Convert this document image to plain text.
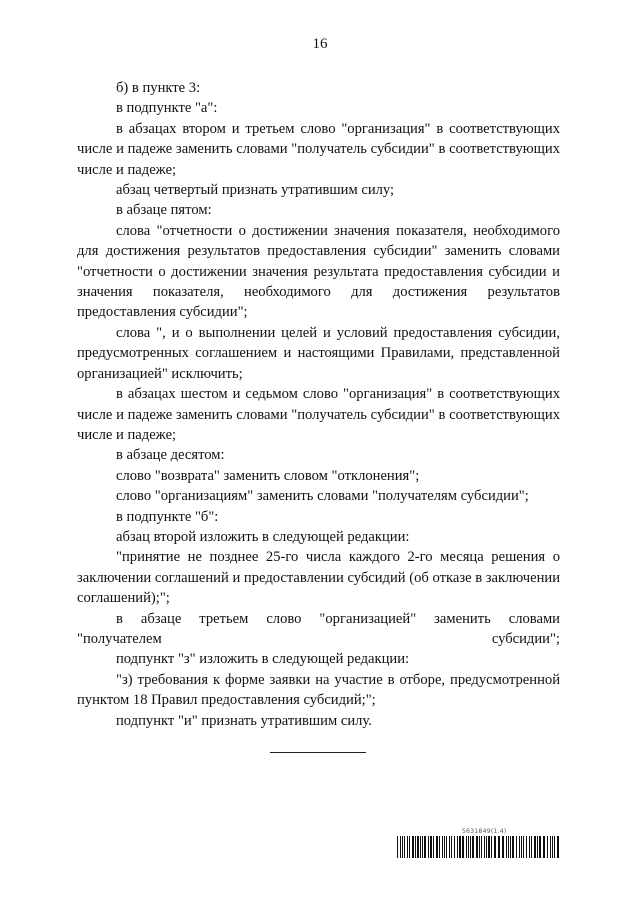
16

б) в пункте 3:

в подпункте "а":

в абзацах втором и третьем слово "организация" в соответствующих числе и падеже заменить словами "получатель субсидии" в соответствующих числе и падеже;

абзац четвертый признать утратившим силу;

в абзаце пятом:

слова "отчетности о достижении значения показателя, необходимого для достижения результатов предоставления субсидии" заменить словами "отчетности о достижении значения результата предоставления субсидии и значения показателя, необходимого для достижения результатов предоставления субсидии";

слова ", и о выполнении целей и условий предоставления субсидии, предусмотренных соглашением и настоящими Правилами, представленной организацией" исключить;

в абзацах шестом и седьмом слово "организация" в соответствующих числе и падеже заменить словами "получатель субсидии" в соответствующих числе и падеже;

в абзаце десятом:

слово "возврата" заменить словом "отклонения";

слово "организациям" заменить словами "получателям субсидии";

в подпункте "б":

абзац второй изложить в следующей редакции:

"принятие не позднее 25-го числа каждого 2-го месяца решения о заключении соглашений и предоставлении субсидий (об отказе в заключении соглашений);";

в абзаце третьем слово "организацией" заменить словами "получателем субсидии";

подпункт "з" изложить в следующей редакции:

"з) требования к форме заявки на участие в отборе, предусмотренной пунктом 18 Правил предоставления субсидий;";

подпункт "и" признать утратившим силу.

5631849(1.4)
